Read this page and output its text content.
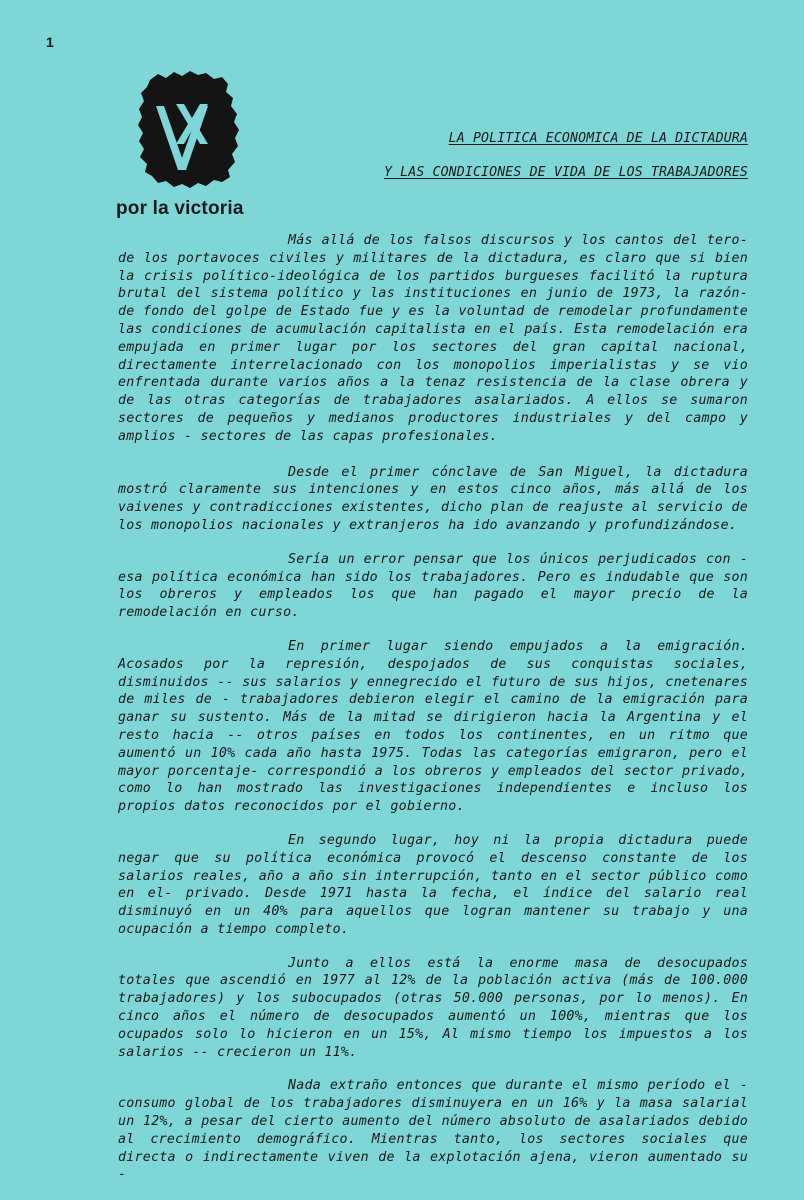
1
por la victoria
LA POLITICA ECONOMICA DE LA DICTADURA
Y LAS CONDICIONES DE VIDA DE LOS TRABAJADORES

Más allá de los falsos discursos y los cantos del tero- de los portavoces civiles y militares de la dictadura, es claro que si bien la crisis político-ideológica de los partidos burgueses facilitó la ruptura brutal del sistema político y las instituciones en junio de 1973, la razón- de fondo del golpe de Estado fue y es la voluntad de remodelar profundamente las condiciones de acumulación capitalista en el país. Esta remodelación era empujada en primer lugar por los sectores del gran capital nacional, directamente interrelacionado con los monopolios imperialistas y se vio enfrentada durante varios años a la tenaz resistencia de la clase obrera y de las otras categorías de trabajadores asalariados. A ellos se sumaron sectores de pequeños y medianos productores industriales y del campo y amplios - sectores de las capas profesionales.

Desde el primer cónclave de San Miguel, la dictadura mostró claramente sus intenciones y en estos cinco años, más allá de los vaivenes y contradicciones existentes, dicho plan de reajuste al servicio de los monopolios nacionales y extranjeros ha ido avanzando y profundizándose.

Sería un error pensar que los únicos perjudicados con - esa política económica han sido los trabajadores. Pero es indudable que son los obreros y empleados los que han pagado el mayor precio de la remodelación en curso.

En primer lugar siendo empujados a la emigración. Acosados por la represión, despojados de sus conquistas sociales, disminuidos -- sus salarios y ennegrecido el futuro de sus hijos, cnetenares de miles de - trabajadores debieron elegir el camino de la emigración para ganar su sustento. Más de la mitad se dirigieron hacia la Argentina y el resto hacia -- otros países en todos los continentes, en un ritmo que aumentó un 10% cada año hasta 1975. Todas las categorías emigraron, pero el mayor porcentaje- correspondió a los obreros y empleados del sector privado, como lo han mostrado las investigaciones independientes e incluso los propios datos reconocidos por el gobierno.

En segundo lugar, hoy ni la propia dictadura puede negar que su política económica provocó el descenso constante de los salarios reales, año a año sin interrupción, tanto en el sector público como en el- privado. Desde 1971 hasta la fecha, el índice del salario real disminuyó en un 40% para aquellos que logran mantener su trabajo y una ocupación a tiempo completo.

Junto a ellos está la enorme masa de desocupados totales que ascendió en 1977 al 12% de la población activa (más de 100.000 trabajadores) y los subocupados (otras 50.000 personas, por lo menos). En cinco años el número de desocupados aumentó un 100%, mientras que los ocupados solo lo hicieron en un 15%, Al mismo tiempo los impuestos a los salarios -- crecieron un 11%.

Nada extraño entonces que durante el mismo período el - consumo global de los trabajadores disminuyera en un 16% y la masa salarial un 12%, a pesar del cierto aumento del número absoluto de asalariados debido al crecimiento demográfico. Mientras tanto, los sectores sociales que directa o indirectamente viven de la explotación ajena, vieron aumentado su -
